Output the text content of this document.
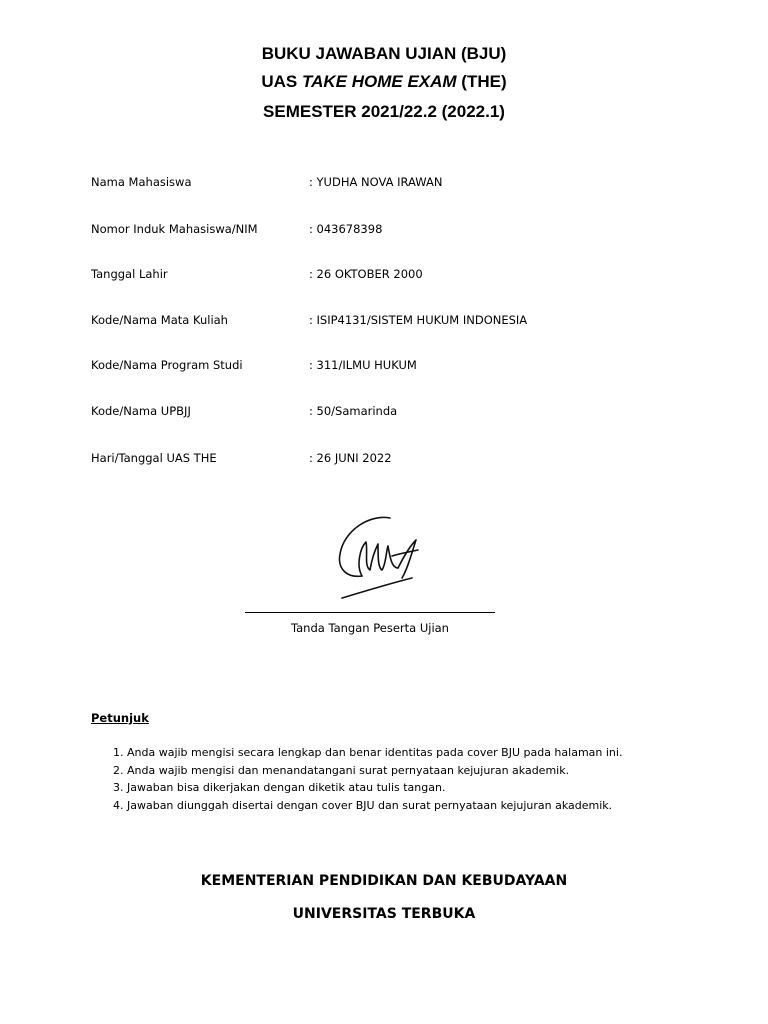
BUKU JAWABAN UJIAN (BJU)
UAS TAKE HOME EXAM (THE)
SEMESTER 2021/22.2 (2022.1)
Nama Mahasiswa	: YUDHA NOVA IRAWAN
Nomor Induk Mahasiswa/NIM	: 043678398
Tanggal Lahir	: 26 OKTOBER 2000
Kode/Nama Mata Kuliah	: ISIP4131/SISTEM HUKUM INDONESIA
Kode/Nama Program Studi	: 311/ILMU HUKUM
Kode/Nama UPBJJ	: 50/Samarinda
Hari/Tanggal UAS THE	: 26 JUNI 2022
Tanda Tangan Peserta Ujian
Petunjuk
1. Anda wajib mengisi secara lengkap dan benar identitas pada cover BJU pada halaman ini.
2. Anda wajib mengisi dan menandatangani surat pernyataan kejujuran akademik.
3. Jawaban bisa dikerjakan dengan diketik atau tulis tangan.
4. Jawaban diunggah disertai dengan cover BJU dan surat pernyataan kejujuran akademik.
KEMENTERIAN PENDIDIKAN DAN KEBUDAYAAN
UNIVERSITAS TERBUKA
